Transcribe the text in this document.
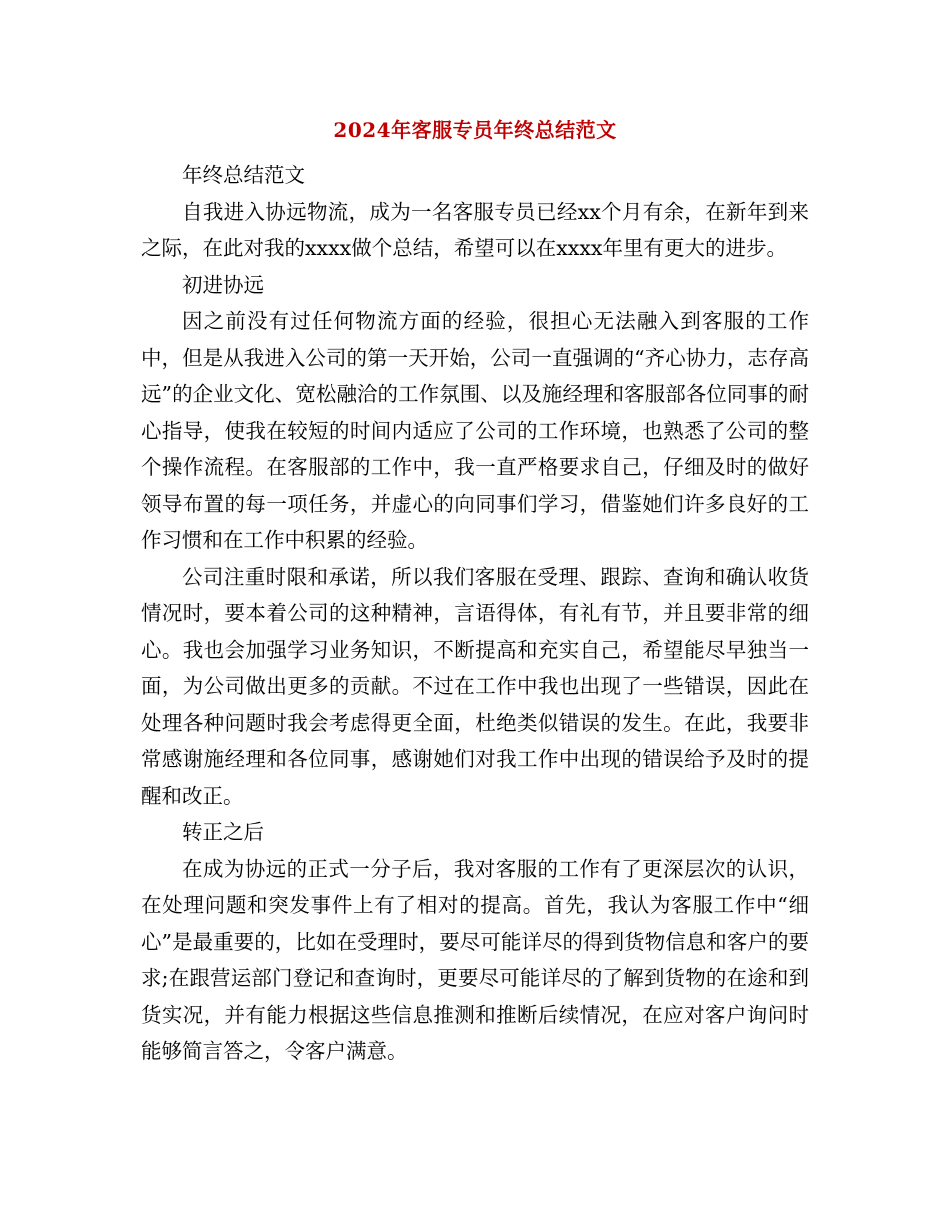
2024年客服专员年终总结范文

年终总结范文

自我进入协远物流，成为一名客服专员已经xx个月有余，在新年到来之际，在此对我的xxxx做个总结，希望可以在xxxx年里有更大的进步。

初进协远

因之前没有过任何物流方面的经验，很担心无法融入到客服的工作中，但是从我进入公司的第一天开始，公司一直强调的“齐心协力，志存高远”的企业文化、宽松融洽的工作氛围、以及施经理和客服部各位同事的耐心指导，使我在较短的时间内适应了公司的工作环境，也熟悉了公司的整个操作流程。在客服部的工作中，我一直严格要求自己，仔细及时的做好领导布置的每一项任务，并虚心的向同事们学习，借鉴她们许多良好的工作习惯和在工作中积累的经验。

公司注重时限和承诺，所以我们客服在受理、跟踪、查询和确认收货情况时，要本着公司的这种精神，言语得体，有礼有节，并且要非常的细心。我也会加强学习业务知识，不断提高和充实自己，希望能尽早独当一面，为公司做出更多的贡献。不过在工作中我也出现了一些错误，因此在处理各种问题时我会考虑得更全面，杜绝类似错误的发生。在此，我要非常感谢施经理和各位同事，感谢她们对我工作中出现的错误给予及时的提醒和改正。

转正之后

在成为协远的正式一分子后，我对客服的工作有了更深层次的认识，在处理问题和突发事件上有了相对的提高。首先，我认为客服工作中“细心”是最重要的，比如在受理时，要尽可能详尽的得到货物信息和客户的要求;在跟营运部门登记和查询时，更要尽可能详尽的了解到货物的在途和到货实况，并有能力根据这些信息推测和推断后续情况，在应对客户询问时能够简言答之，令客户满意。
